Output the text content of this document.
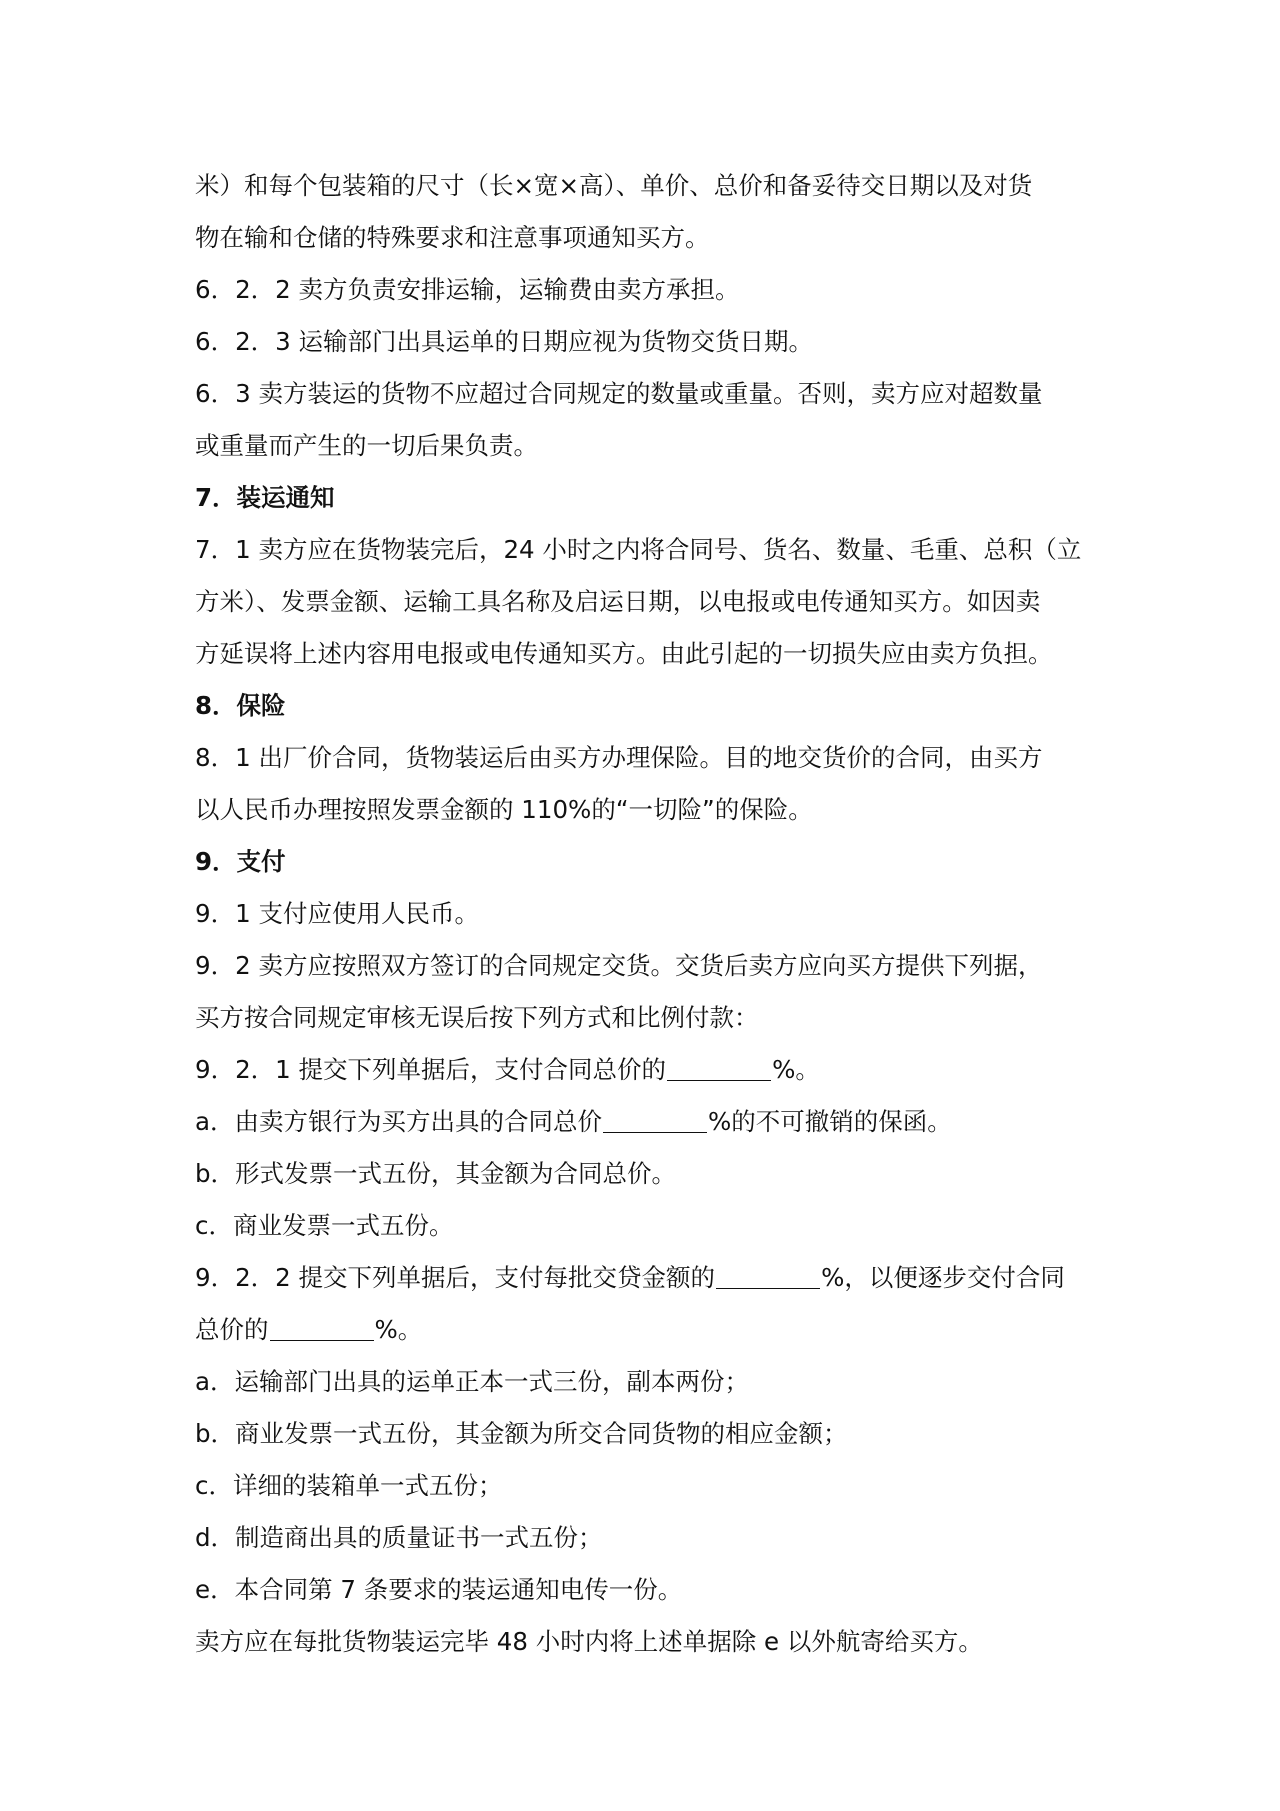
米）和每个包装箱的尺寸（长×宽×高）、单价、总价和备妥待交日期以及对货
物在输和仓储的特殊要求和注意事项通知买方。
6．2．2 卖方负责安排运输，运输费由卖方承担。
6．2．3 运输部门出具运单的日期应视为货物交货日期。
6．3 卖方装运的货物不应超过合同规定的数量或重量。否则，卖方应对超数量
或重量而产生的一切后果负责。
7．装运通知
7．1 卖方应在货物装完后，24 小时之内将合同号、货名、数量、毛重、总积（立
方米）、发票金额、运输工具名称及启运日期，以电报或电传通知买方。如因卖
方延误将上述内容用电报或电传通知买方。由此引起的一切损失应由卖方负担。
8．保险
8．1 出厂价合同，货物装运后由买方办理保险。目的地交货价的合同，由买方
以人民币办理按照发票金额的 110%的“一切险”的保险。
9．支付
9．1 支付应使用人民币。
9．2 卖方应按照双方签订的合同规定交货。交货后卖方应向买方提供下列据，
买方按合同规定审核无误后按下列方式和比例付款：
9．2．1 提交下列单据后，支付合同总价的	%。
a．由卖方银行为买方出具的合同总价	%的不可撤销的保函。
b．形式发票一式五份，其金额为合同总价。
c．商业发票一式五份。
9．2．2 提交下列单据后，支付每批交贷金额的	%，以便逐步交付合同
总价的	%。
a．运输部门出具的运单正本一式三份，副本两份；
b．商业发票一式五份，其金额为所交合同货物的相应金额；
c．详细的装箱单一式五份；
d．制造商出具的质量证书一式五份；
e．本合同第 7 条要求的装运通知电传一份。
卖方应在每批货物装运完毕 48 小时内将上述单据除 e 以外航寄给买方。
